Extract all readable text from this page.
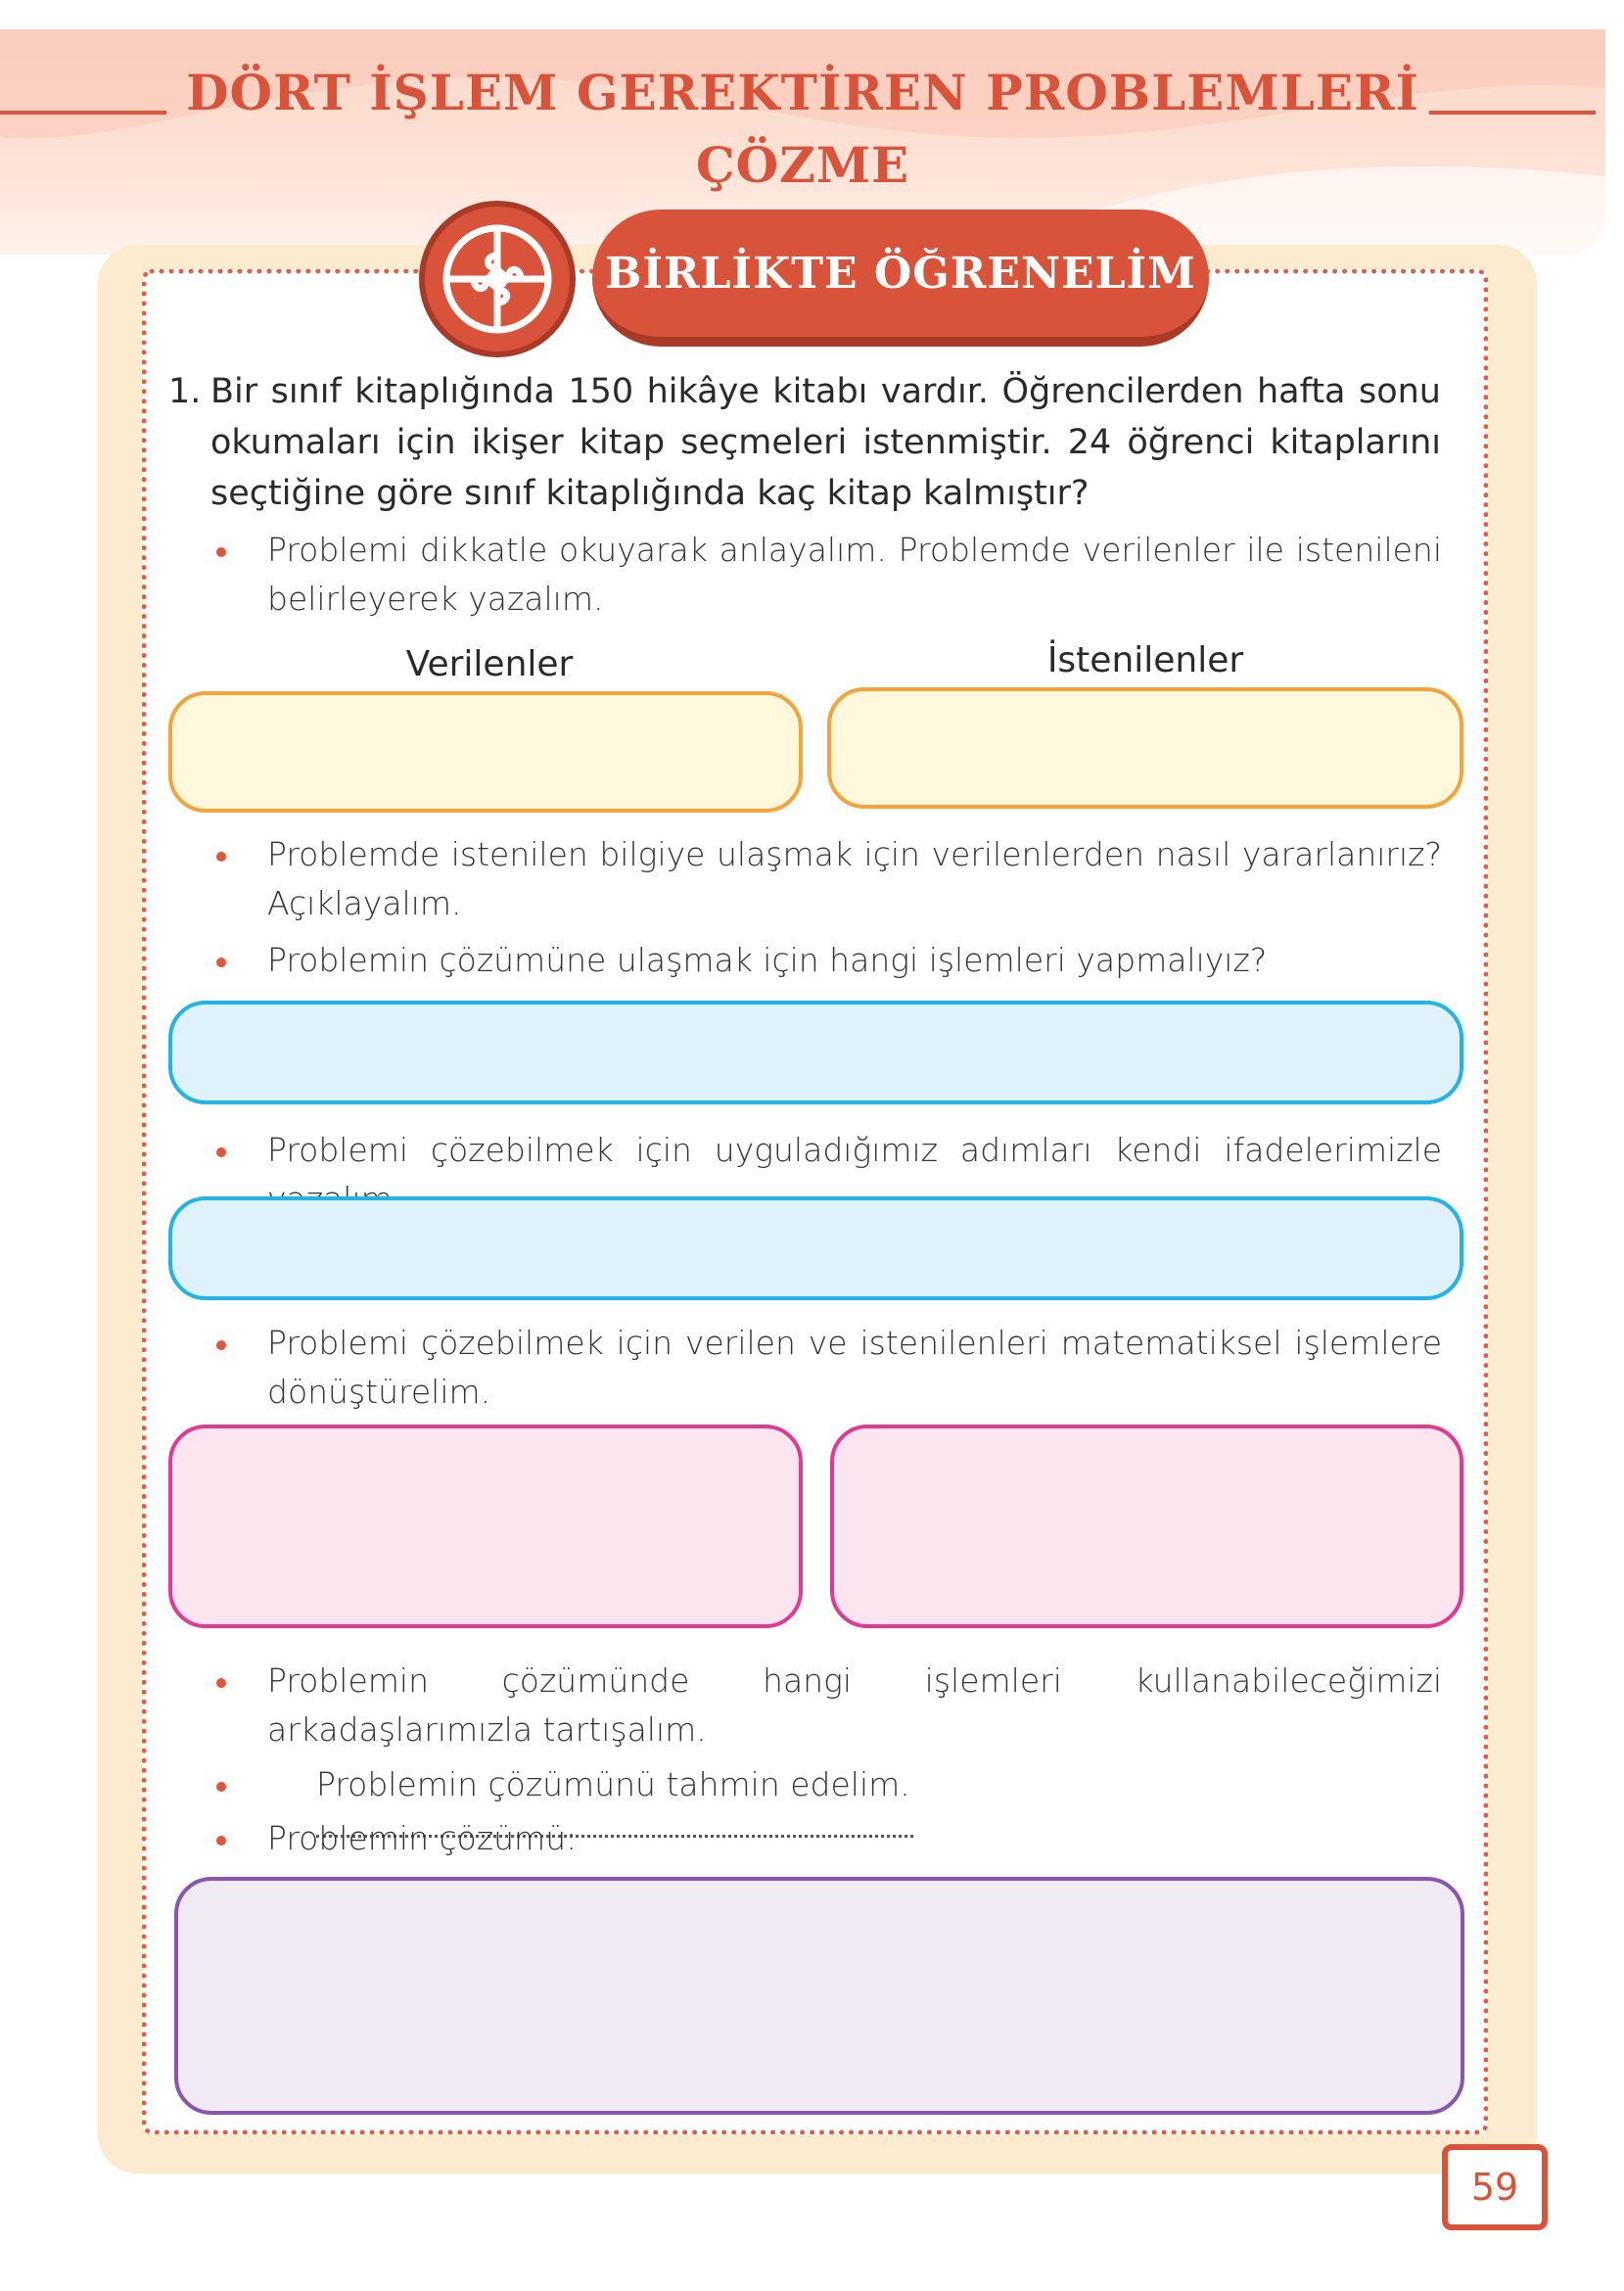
DÖRT İŞLEM GEREKTİREN PROBLEMLERİ
ÇÖZME
BİRLİKTE ÖĞRENELİM
1. Bir sınıf kitaplığında 150 hikâye kitabı vardır. Öğrencilerden hafta sonu okumaları için ikişer kitap seçmeleri istenmiştir. 24 öğrenci kitaplarını seçtiğine göre sınıf kitaplığında kaç kitap kalmıştır?
Problemi dikkatle okuyarak anlayalım. Problemde verilenler ile istenileni belirleyerek yazalım.
Verilenler	İstenilenler
Problemde istenilen bilgiye ulaşmak için verilenlerden nasıl yararlanırız? Açıklayalım.
Problemin çözümüne ulaşmak için hangi işlemleri yapmalıyız?
Problemi çözebilmek için uyguladığımız adımları kendi ifadelerimizle
Problemi çözebilmek için verilen ve istenilenleri matematiksel işlemlere dönüştürelim.
Problemin çözümünde hangi işlemleri kullanabileceğimizi arkadaşlarımızla tartışalım.
Problemin çözümünü tahmin edelim.
Problemin çözümü:
59
